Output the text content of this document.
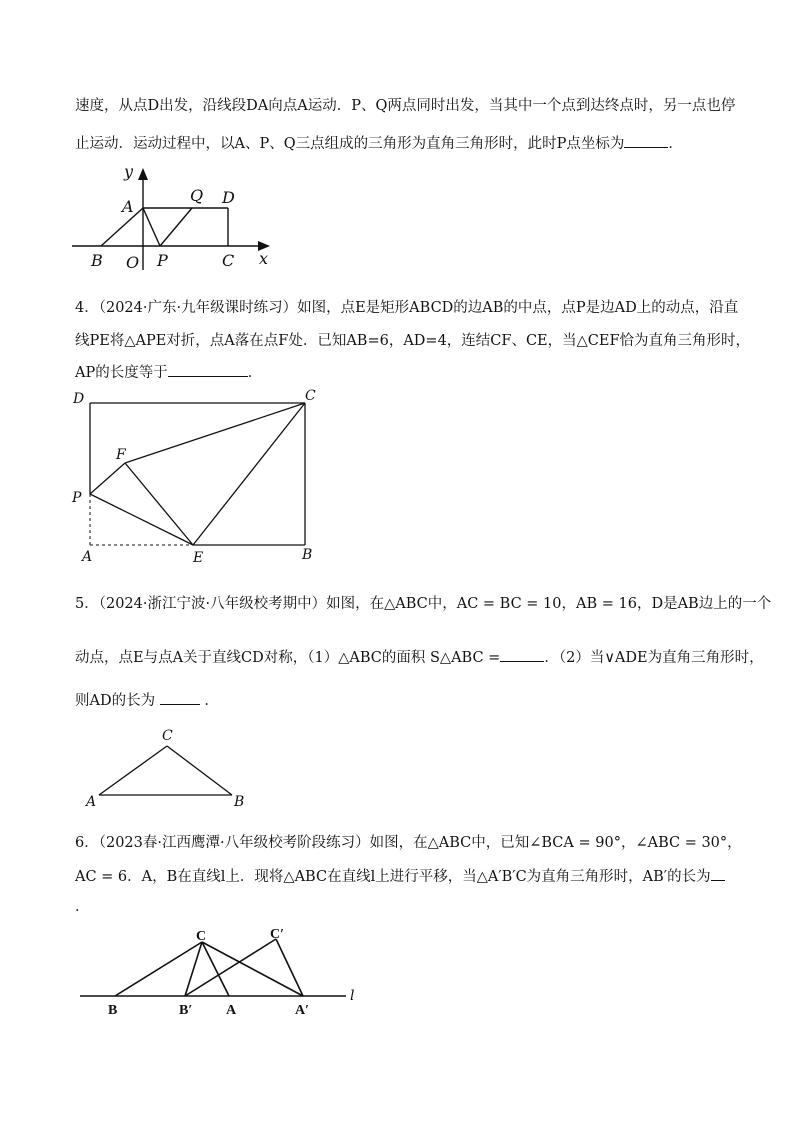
速度，从点D出发，沿线段DA向点A运动．P、Q两点同时出发，当其中一个点到达终点时，另一点也停
止运动．运动过程中，以A、P、Q三点组成的三角形为直角三角形时，此时P点坐标为	．
y
A
Q D
B O P	C x
4．（2024·广东·九年级课时练习）如图，点E是矩形ABCD的边AB的中点，点P是边AD上的动点，沿直
线PE将△APE对折，点A落在点F处．已知AB=6，AD=4，连结CF、CE，当△CEF恰为直角三角形时，
AP的长度等于	．
D	C
F
P
A	E	B
5．（2024·浙江宁波·八年级校考期中）如图，在△ABC中，AC = BC = 10，AB = 16，D是AB边上的一个
动点，点E与点A关于直线CD对称，（1）△ABC的面积 S△ABC =	．（2）当∨ADE为直角三角形时，
则AD的长为	．
C
A	B
6．（2023春·江西鹰潭·八年级校考阶段练习）如图，在△ABC中，已知∠BCA = 90°，∠ABC = 30°，
AC = 6．A，B在直线l上．现将△ABC在直线l上进行平移，当△A′B′C为直角三角形时，AB′的长为
．
C	C′
B	B′ A	A′
l
